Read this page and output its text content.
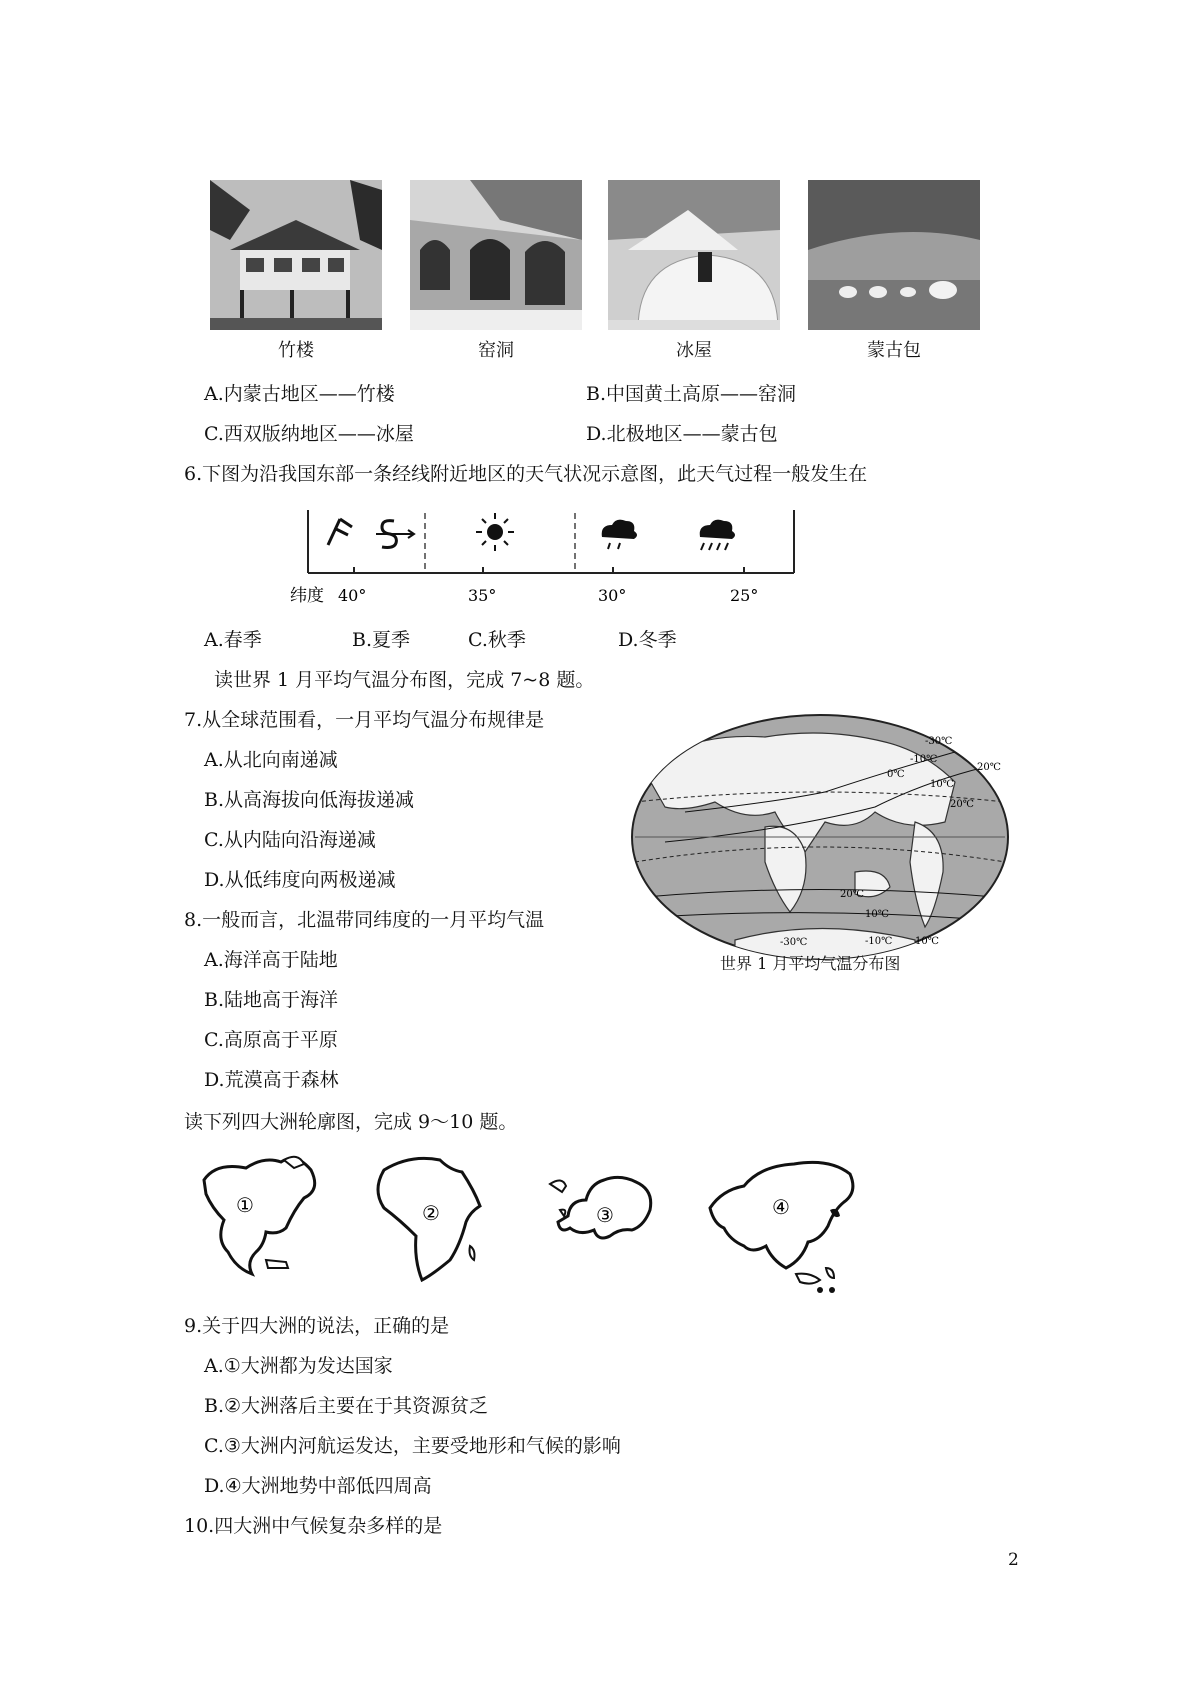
竹楼	窑洞	冰屋	蒙古包
A.内蒙古地区——竹楼	B.中国黄土高原——窑洞
C.西双版纳地区——冰屋	D.北极地区——蒙古包
6.下图为沿我国东部一条经线附近地区的天气状况示意图，此天气过程一般发生在
纬度 40°	35°	30°	25°
A.春季	B.夏季	C.秋季	D.冬季
读世界 1 月平均气温分布图，完成 7~8 题。
7.从全球范围看，一月平均气温分布规律是
A.从北向南递减
B.从高海拔向低海拔递减
C.从内陆向沿海递减
D.从低纬度向两极递减
8.一般而言，北温带同纬度的一月平均气温
A.海洋高于陆地
B.陆地高于海洋
C.高原高于平原
D.荒漠高于森林
-30℃
20℃
-10℃
0℃
10℃
20℃
20℃
10℃
-30℃	-10℃ 10℃
世界 1 月平均气温分布图
读下列四大洲轮廓图，完成 9～10 题。
①	②	③	④
9.关于四大洲的说法，正确的是
A.①大洲都为发达国家
B.②大洲落后主要在于其资源贫乏
C.③大洲内河航运发达，主要受地形和气候的影响
D.④大洲地势中部低四周高
10.四大洲中气候复杂多样的是
2
